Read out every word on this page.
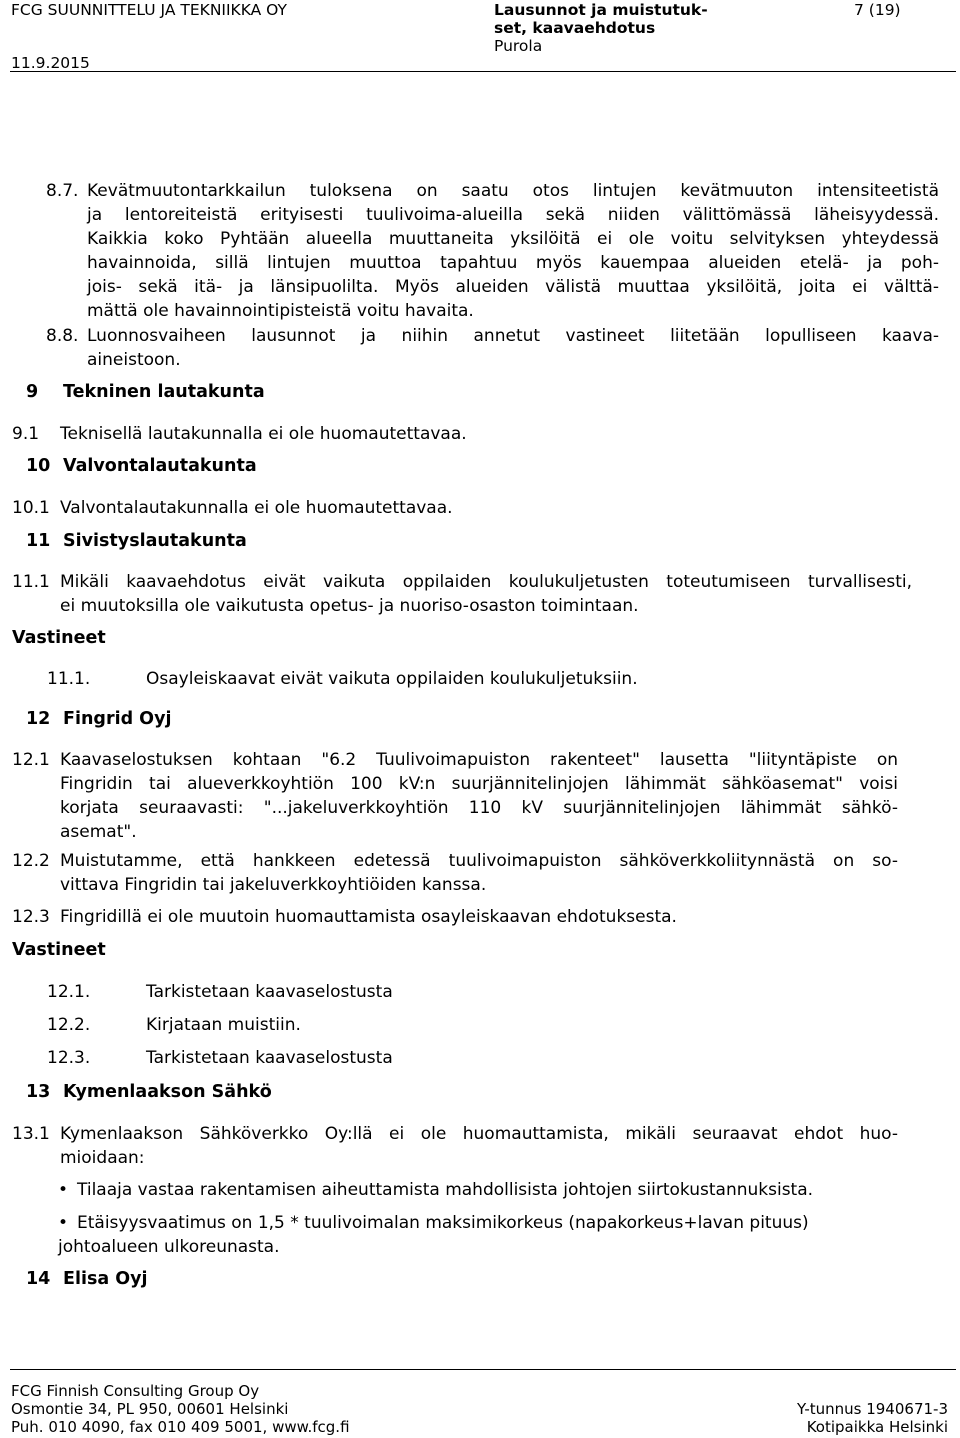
FCG SUUNNITTELU JA TEKNIIKKA OY
11.9.2015
Lausunnot ja muistutuk-
set, kaavaehdotus
Purola
7 (19)
8.7. Kevätmuutontarkkailun tuloksena on saatu otos lintujen kevätmuuton intensiteetistä
ja lentoreiteistä erityisesti tuulivoima-alueilla sekä niiden välittömässä läheisyydessä.
Kaikkia koko Pyhtään alueella muuttaneita yksilöitä ei ole voitu selvityksen yhteydessä
havainnoida, sillä lintujen muuttoa tapahtuu myös kauempaa alueiden etelä- ja poh-
jois- sekä itä- ja länsipuolilta. Myös alueiden välistä muuttaa yksilöitä, joita ei välttä-
mättä ole havainnointipisteistä voitu havaita.
8.8. Luonnosvaiheen lausunnot ja niihin annetut vastineet liitetään lopulliseen kaava-
aineistoon.
9 Tekninen lautakunta
9.1 Teknisellä lautakunnalla ei ole huomautettavaa.
10 Valvontalautakunta
10.1 Valvontalautakunnalla ei ole huomautettavaa.
11 Sivistyslautakunta
11.1 Mikäli kaavaehdotus eivät vaikuta oppilaiden koulukuljetusten toteutumiseen turvallisesti,
ei muutoksilla ole vaikutusta opetus- ja nuoriso-osaston toimintaan.
Vastineet
11.1.	Osayleiskaavat eivät vaikuta oppilaiden koulukuljetuksiin.
12 Fingrid Oyj
12.1 Kaavaselostuksen kohtaan "6.2 Tuulivoimapuiston rakenteet" lausetta "liityntäpiste on
Fingridin tai alueverkkoyhtiön 100 kV:n suurjännitelinjojen lähimmät sähköasemat" voisi
korjata seuraavasti: "...jakeluverkkoyhtiön 110 kV suurjännitelinjojen lähimmät sähkö-
asemat".
12.2 Muistutamme, että hankkeen edetessä tuulivoimapuiston sähköverkkoliitynnästä on so-
vittava Fingridin tai jakeluverkkoyhtiöiden kanssa.
12.3 Fingridillä ei ole muutoin huomauttamista osayleiskaavan ehdotuksesta.
Vastineet
12.1.	Tarkistetaan kaavaselostusta
12.2.	Kirjataan muistiin.
12.3.	Tarkistetaan kaavaselostusta
13 Kymenlaakson Sähkö
13.1 Kymenlaakson Sähköverkko Oy:llä ei ole huomauttamista, mikäli seuraavat ehdot huo-
mioidaan:
• Tilaaja vastaa rakentamisen aiheuttamista mahdollisista johtojen siirtokustannuksista.
• Etäisyysvaatimus on 1,5 * tuulivoimalan maksimikorkeus (napakorkeus+lavan pituus)
johtoalueen ulkoreunasta.
14 Elisa Oyj
FCG Finnish Consulting Group Oy
Osmontie 34, PL 950, 00601 Helsinki
Puh. 010 4090, fax 010 409 5001, www.fcg.fi
Y-tunnus 1940671-3
Kotipaikka Helsinki
